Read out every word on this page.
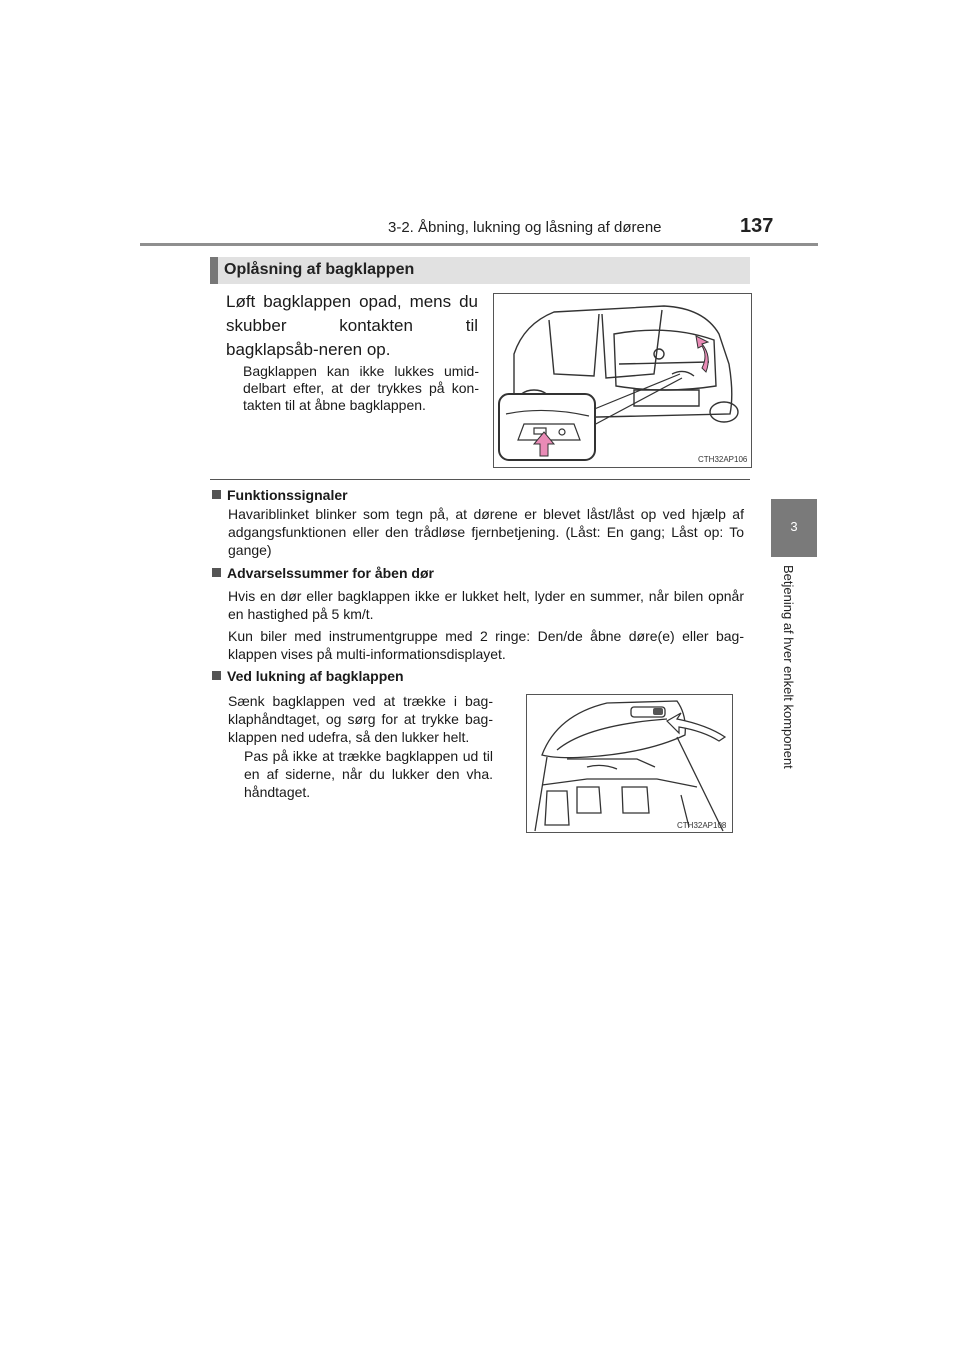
3-2. Åbning, lukning og låsning af dørene	137
3
Betjening af hver enkelt komponent
Oplåsning af bagklappen
Løft bagklappen opad, mens du skubber kontakten til bagklapsåb-neren op.
Bagklappen kan ikke lukkes umid-delbart efter, at der trykkes på kon-takten til at åbne bagklappen.
CTH32AP106
Funktionssignaler
Havariblinket blinker som tegn på, at dørene er blevet låst/låst op ved hjælp af adgangsfunktionen eller den trådløse fjernbetjening. (Låst: En gang; Låst op: To gange)
Advarselssummer for åben dør
Hvis en dør eller bagklappen ikke er lukket helt, lyder en summer, når bilen opnår en hastighed på 5 km/t.
Kun biler med instrumentgruppe med 2 ringe: Den/de åbne døre(e) eller bag-klappen vises på multi-informationsdisplayet.
Ved lukning af bagklappen
Sænk bagklappen ved at trække i bag-klaphåndtaget, og sørg for at trykke bag-klappen ned udefra, så den lukker helt.
Pas på ikke at trække bagklappen ud til en af siderne, når du lukker den vha. håndtaget.
CTH32AP108
